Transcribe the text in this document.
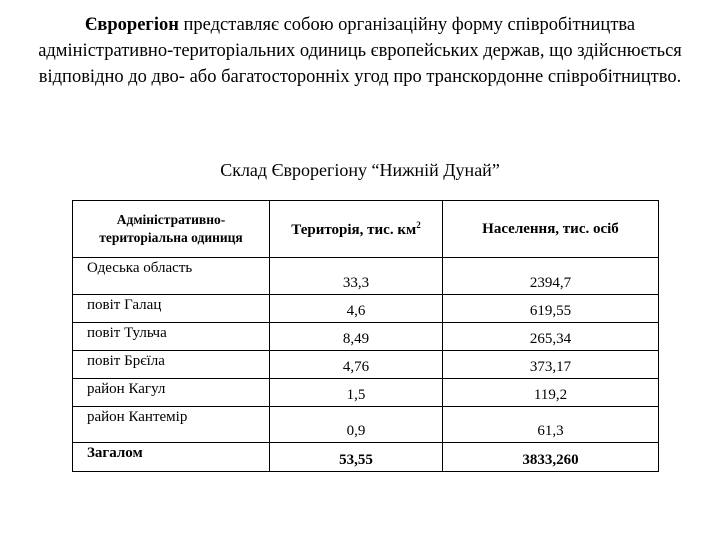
Єврорегіон представляє собою організаційну форму співробітництва адміністративно-територіальних одиниць європейських держав, що здійснюється відповідно до дво- або багатосторонніх угод про транскордонне співробітництво.
Склад Єврорегіону “Нижній Дунай”
Адміністративно-територіальна одиниця	Територія, тис. $км^2$	Населення, тис. осіб
Одеська область	33,3	2394,7
повіт Галац	4,6	619,55
повіт Тульча	8,49	265,34
повіт Брєїла	4,76	373,17
район Кагул	1,5	119,2
район Кантемір	0,9	61,3
Загалом	53,55	3833,260
